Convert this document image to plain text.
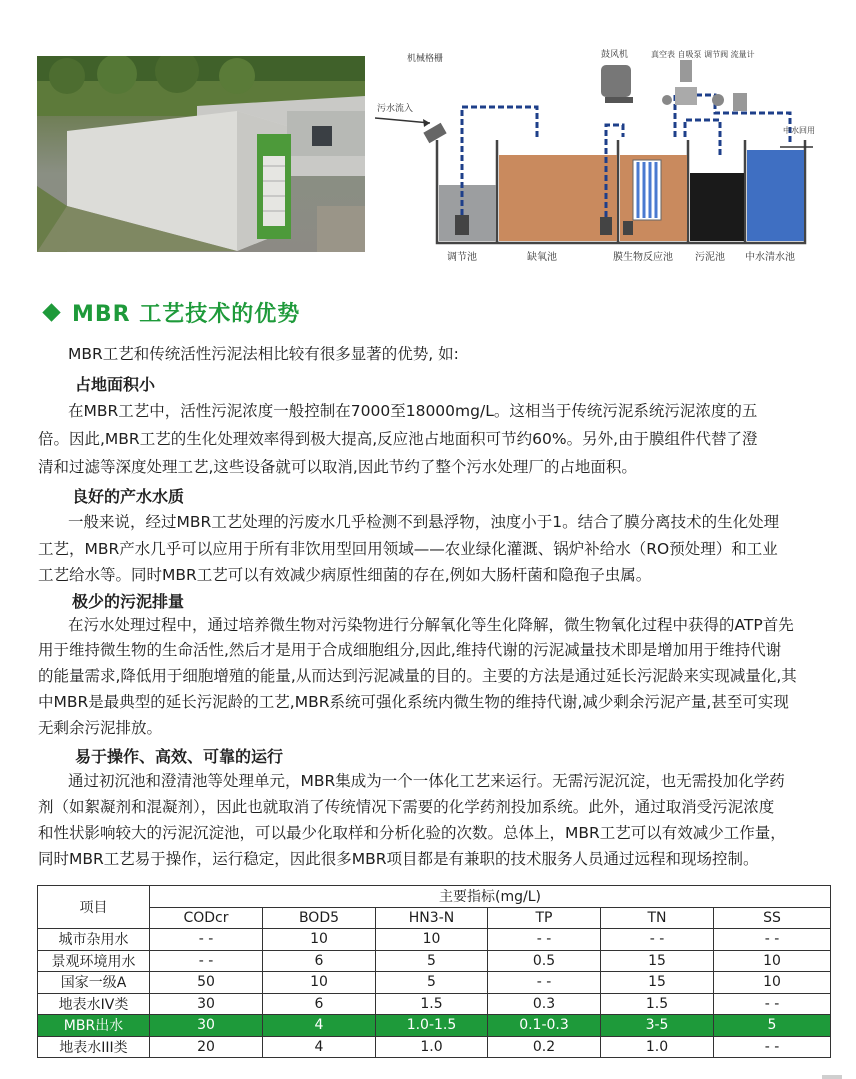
机械格栅
污水流入
鼓风机	真空表 自吸泵 调节阀 流量计
中水回用
调节池	缺氧池	膜生物反应池 污泥池 中水清水池
MBR 工艺技术的优势
MBR工艺和传统活性污泥法相比较有很多显著的优势, 如:
占地面积小
在MBR工艺中，活性污泥浓度一般控制在7000至18000mg/L。这相当于传统污泥系统污泥浓度的五
倍。因此,MBR工艺的生化处理效率得到极大提高,反应池占地面积可节约60%。另外,由于膜组件代替了澄
清和过滤等深度处理工艺,这些设备就可以取消,因此节约了整个污水处理厂的占地面积。
良好的产水水质
一般来说，经过MBR工艺处理的污废水几乎检测不到悬浮物，浊度小于1。结合了膜分离技术的生化处理
工艺，MBR产水几乎可以应用于所有非饮用型回用领域——农业绿化灌溉、锅炉补给水（RO预处理）和工业
工艺给水等。同时MBR工艺可以有效减少病原性细菌的存在,例如大肠杆菌和隐孢子虫属。
极少的污泥排量
在污水处理过程中，通过培养微生物对污染物进行分解氧化等生化降解，微生物氧化过程中获得的ATP首先
用于维持微生物的生命活性,然后才是用于合成细胞组分,因此,维持代谢的污泥减量技术即是增加用于维持代谢
的能量需求,降低用于细胞增殖的能量,从而达到污泥减量的目的。主要的方法是通过延长污泥龄来实现减量化,其
中MBR是最典型的延长污泥龄的工艺,MBR系统可强化系统内微生物的维持代谢,减少剩余污泥产量,甚至可实现
无剩余污泥排放。
易于操作、高效、可靠的运行
通过初沉池和澄清池等处理单元，MBR集成为一个一体化工艺来运行。无需污泥沉淀，也无需投加化学药
剂（如絮凝剂和混凝剂），因此也就取消了传统情况下需要的化学药剂投加系统。此外，通过取消受污泥浓度
和性状影响较大的污泥沉淀池，可以最少化取样和分析化验的次数。总体上，MBR工艺可以有效减少工作量，
同时MBR工艺易于操作，运行稳定，因此很多MBR项目都是有兼职的技术服务人员通过远程和现场控制。
项目	主要指标(mg/L)					
	CODcr	BOD5	HN3-N	TP	TN	SS
城市杂用水	- -	10	10	- -	- -	- -
景观环境用水	- -	6	5	0.5	15	10
国家一级A	50	10	5	- -	15	10
地表水IV类	30	6	1.5	0.3	1.5	- -
MBR出水	30	4	1.0-1.5	0.1-0.3	3-5	5
地表水III类	20	4	1.0	0.2	1.0	- -
